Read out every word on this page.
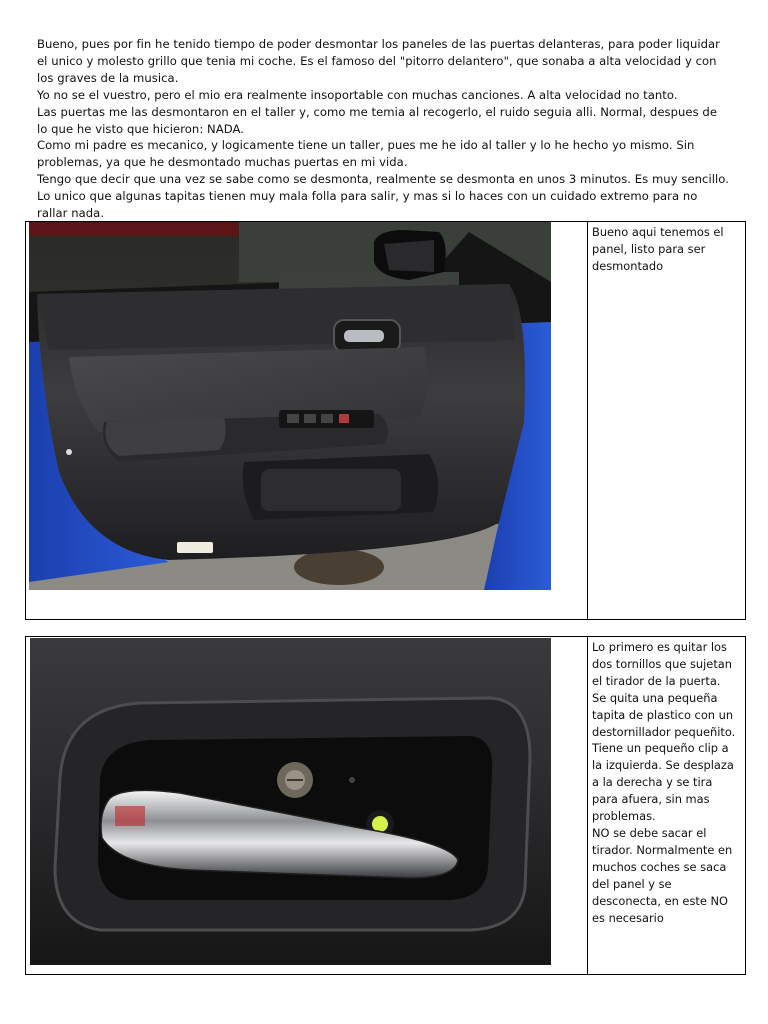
Bueno, pues por fin he tenido tiempo de poder desmontar los paneles de las puertas delanteras, para poder liquidar el unico y molesto grillo que tenia mi coche. Es el famoso del "pitorro delantero", que sonaba a alta velocidad y con los graves de la musica.

Yo no se el vuestro, pero el mio era realmente insoportable con muchas canciones. A alta velocidad no tanto.

Las puertas me las desmontaron en el taller y, como me temia al recogerlo, el ruido seguia alli. Normal, despues de lo que he visto que hicieron: NADA.

Como mi padre es mecanico, y logicamente tiene un taller, pues me he ido al taller y lo he hecho yo mismo. Sin problemas, ya que he desmontado muchas puertas en mi vida.

Tengo que decir que una vez se sabe como se desmonta, realmente se desmonta en unos 3 minutos. Es muy sencillo. Lo unico que algunas tapitas tienen muy mala folla para salir, y mas si lo haces con un cuidado extremo para no rallar nada.

Bueno aqui tenemos el panel, listo para ser desmontado
Lo primero es quitar los dos tornillos que sujetan el tirador de la puerta.
Se quita una pequeña tapita de plastico con un destornillador pequeñito. Tiene un pequeño clip a la izquierda. Se desplaza a la derecha y se tira para afuera, sin mas problemas.
NO se debe sacar el tirador. Normalmente en muchos coches se saca del panel y se desconecta, en este NO es necesario
